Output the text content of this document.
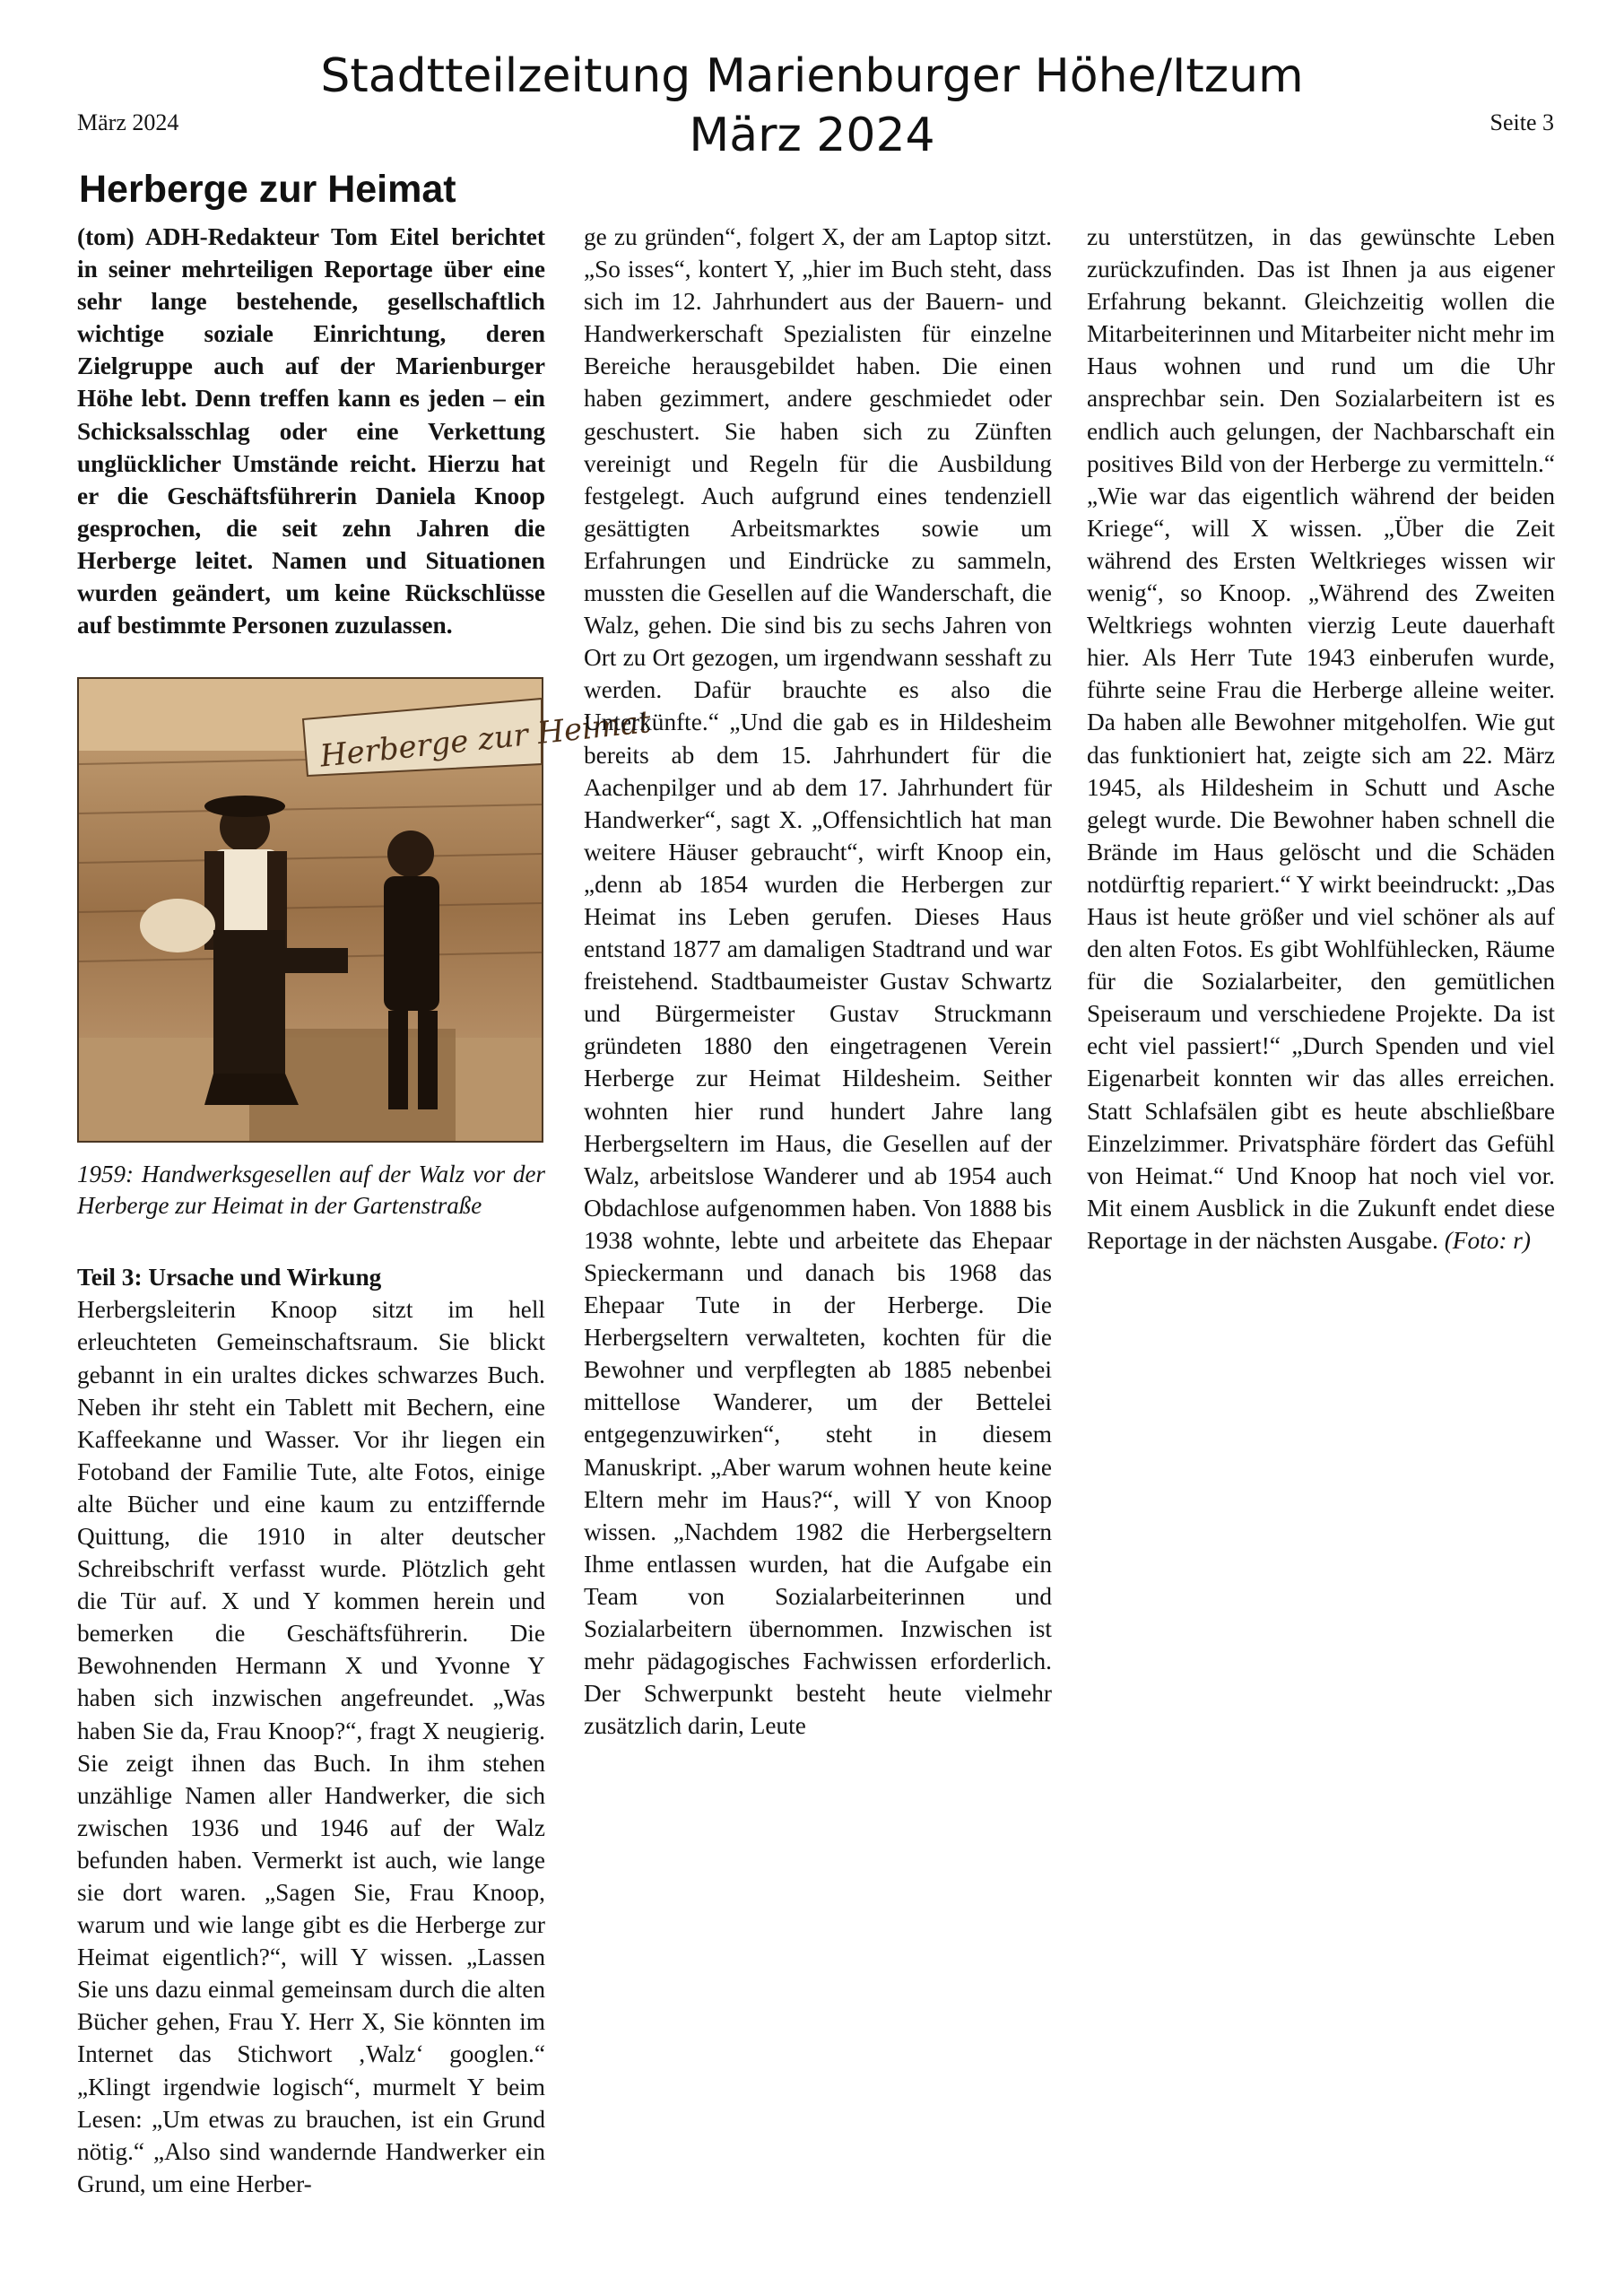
Stadtteilzeitung Marienburger Höhe/Itzum
März 2024
März 2024	Seite 3
Herberge zur Heimat

(tom) ADH-Redakteur Tom Eitel berichtet in seiner mehrteiligen Reportage über eine sehr lange bestehende, gesellschaftlich wichtige soziale Einrichtung, deren Zielgruppe auch auf der Marienburger Höhe lebt. Denn treffen kann es jeden – ein Schicksalsschlag oder eine Verkettung unglücklicher Umstände reicht. Hierzu hat er die Geschäftsführerin Daniela Knoop gesprochen, die seit zehn Jahren die Herberge leitet. Namen und Situationen wurden geändert, um keine Rückschlüsse auf bestimmte Personen zuzulassen.

Herberge zur Heimat

1959: Handwerksgesellen auf der Walz vor der Herberge zur Heimat in der Gartenstraße

Teil 3: Ursache und Wirkung

Herbergsleiterin Knoop sitzt im hell erleuchteten Gemeinschaftsraum. Sie blickt gebannt in ein uraltes dickes schwarzes Buch. Neben ihr steht ein Tablett mit Bechern, eine Kaffeekanne und Wasser. Vor ihr liegen ein Fotoband der Familie Tute, alte Fotos, einige alte Bücher und eine kaum zu entziffernde Quittung, die 1910 in alter deutscher Schreibschrift verfasst wurde. Plötzlich geht die Tür auf. X und Y kommen herein und bemerken die Geschäftsführerin. Die Bewohnenden Hermann X und Yvonne Y haben sich inzwischen angefreundet. „Was haben Sie da, Frau Knoop?“, fragt X neugierig. Sie zeigt ihnen das Buch. In ihm stehen unzählige Namen aller Handwerker, die sich zwischen 1936 und 1946 auf der Walz befunden haben. Vermerkt ist auch, wie lange sie dort waren. „Sagen Sie, Frau Knoop, warum und wie lange gibt es die Herberge zur Heimat eigentlich?“, will Y wissen. „Lassen Sie uns dazu einmal gemeinsam durch die alten Bücher gehen, Frau Y. Herr X, Sie könnten im Internet das Stichwort ‚Walz‘ googlen.“ „Klingt irgendwie logisch“, murmelt Y beim Lesen: „Um etwas zu brauchen, ist ein Grund nötig.“ „Also sind wandernde Handwerker ein Grund, um eine Herber-

ge zu gründen“, folgert X, der am Laptop sitzt. „So isses“, kontert Y, „hier im Buch steht, dass sich im 12. Jahrhundert aus der Bauern- und Handwerkerschaft Spezialisten für einzelne Bereiche herausgebildet haben. Die einen haben gezimmert, andere geschmiedet oder geschustert. Sie haben sich zu Zünften vereinigt und Regeln für die Ausbildung festgelegt. Auch aufgrund eines tendenziell gesättigten Arbeitsmarktes sowie um Erfahrungen und Eindrücke zu sammeln, mussten die Gesellen auf die Wanderschaft, die Walz, gehen. Die sind bis zu sechs Jahren von Ort zu Ort gezogen, um irgendwann sesshaft zu werden. Dafür brauchte es also die Unterkünfte.“ „Und die gab es in Hildesheim bereits ab dem 15. Jahrhundert für die Aachenpilger und ab dem 17. Jahrhundert für Handwerker“, sagt X. „Offensichtlich hat man weitere Häuser gebraucht“, wirft Knoop ein, „denn ab 1854 wurden die Herbergen zur Heimat ins Leben gerufen. Dieses Haus entstand 1877 am damaligen Stadtrand und war freistehend. Stadtbaumeister Gustav Schwartz und Bürgermeister Gustav Struckmann gründeten 1880 den eingetragenen Verein Herberge zur Heimat Hildesheim. Seither wohnten hier rund hundert Jahre lang Herbergseltern im Haus, die Gesellen auf der Walz, arbeitslose Wanderer und ab 1954 auch Obdachlose aufgenommen haben. Von 1888 bis 1938 wohnte, lebte und arbeitete das Ehepaar Spieckermann und danach bis 1968 das Ehepaar Tute in der Herberge. Die Herbergseltern verwalteten, kochten für die Bewohner und verpflegten ab 1885 nebenbei mittellose Wanderer, um der Bettelei entgegenzuwirken“, steht in diesem Manuskript. „Aber warum wohnen heute keine Eltern mehr im Haus?“, will Y von Knoop wissen. „Nachdem 1982 die Herbergseltern Ihme entlassen wurden, hat die Aufgabe ein Team von Sozialarbeiterinnen und Sozialarbeitern übernommen. Inzwischen ist mehr pädagogisches Fachwissen erforderlich. Der Schwerpunkt besteht heute vielmehr zusätzlich darin, Leute

zu unterstützen, in das gewünschte Leben zurückzufinden. Das ist Ihnen ja aus eigener Erfahrung bekannt. Gleichzeitig wollen die Mitarbeiterinnen und Mitarbeiter nicht mehr im Haus wohnen und rund um die Uhr ansprechbar sein. Den Sozialarbeitern ist es endlich auch gelungen, der Nachbarschaft ein positives Bild von der Herberge zu vermitteln.“ „Wie war das eigentlich während der beiden Kriege“, will X wissen. „Über die Zeit während des Ersten Weltkrieges wissen wir wenig“, so Knoop. „Während des Zweiten Weltkriegs wohnten vierzig Leute dauerhaft hier. Als Herr Tute 1943 einberufen wurde, führte seine Frau die Herberge alleine weiter. Da haben alle Bewohner mitgeholfen. Wie gut das funktioniert hat, zeigte sich am 22. März 1945, als Hildesheim in Schutt und Asche gelegt wurde. Die Bewohner haben schnell die Brände im Haus gelöscht und die Schäden notdürftig repariert.“ Y wirkt beeindruckt: „Das Haus ist heute größer und viel schöner als auf den alten Fotos. Es gibt Wohlfühlecken, Räume für die Sozialarbeiter, den gemütlichen Speiseraum und verschiedene Projekte. Da ist echt viel passiert!“ „Durch Spenden und viel Eigenarbeit konnten wir das alles erreichen. Statt Schlafsälen gibt es heute abschließbare Einzelzimmer. Privatsphäre fördert das Gefühl von Heimat.“ Und Knoop hat noch viel vor. Mit einem Ausblick in die Zukunft endet diese Reportage in der nächsten Ausgabe. (Foto: r)
